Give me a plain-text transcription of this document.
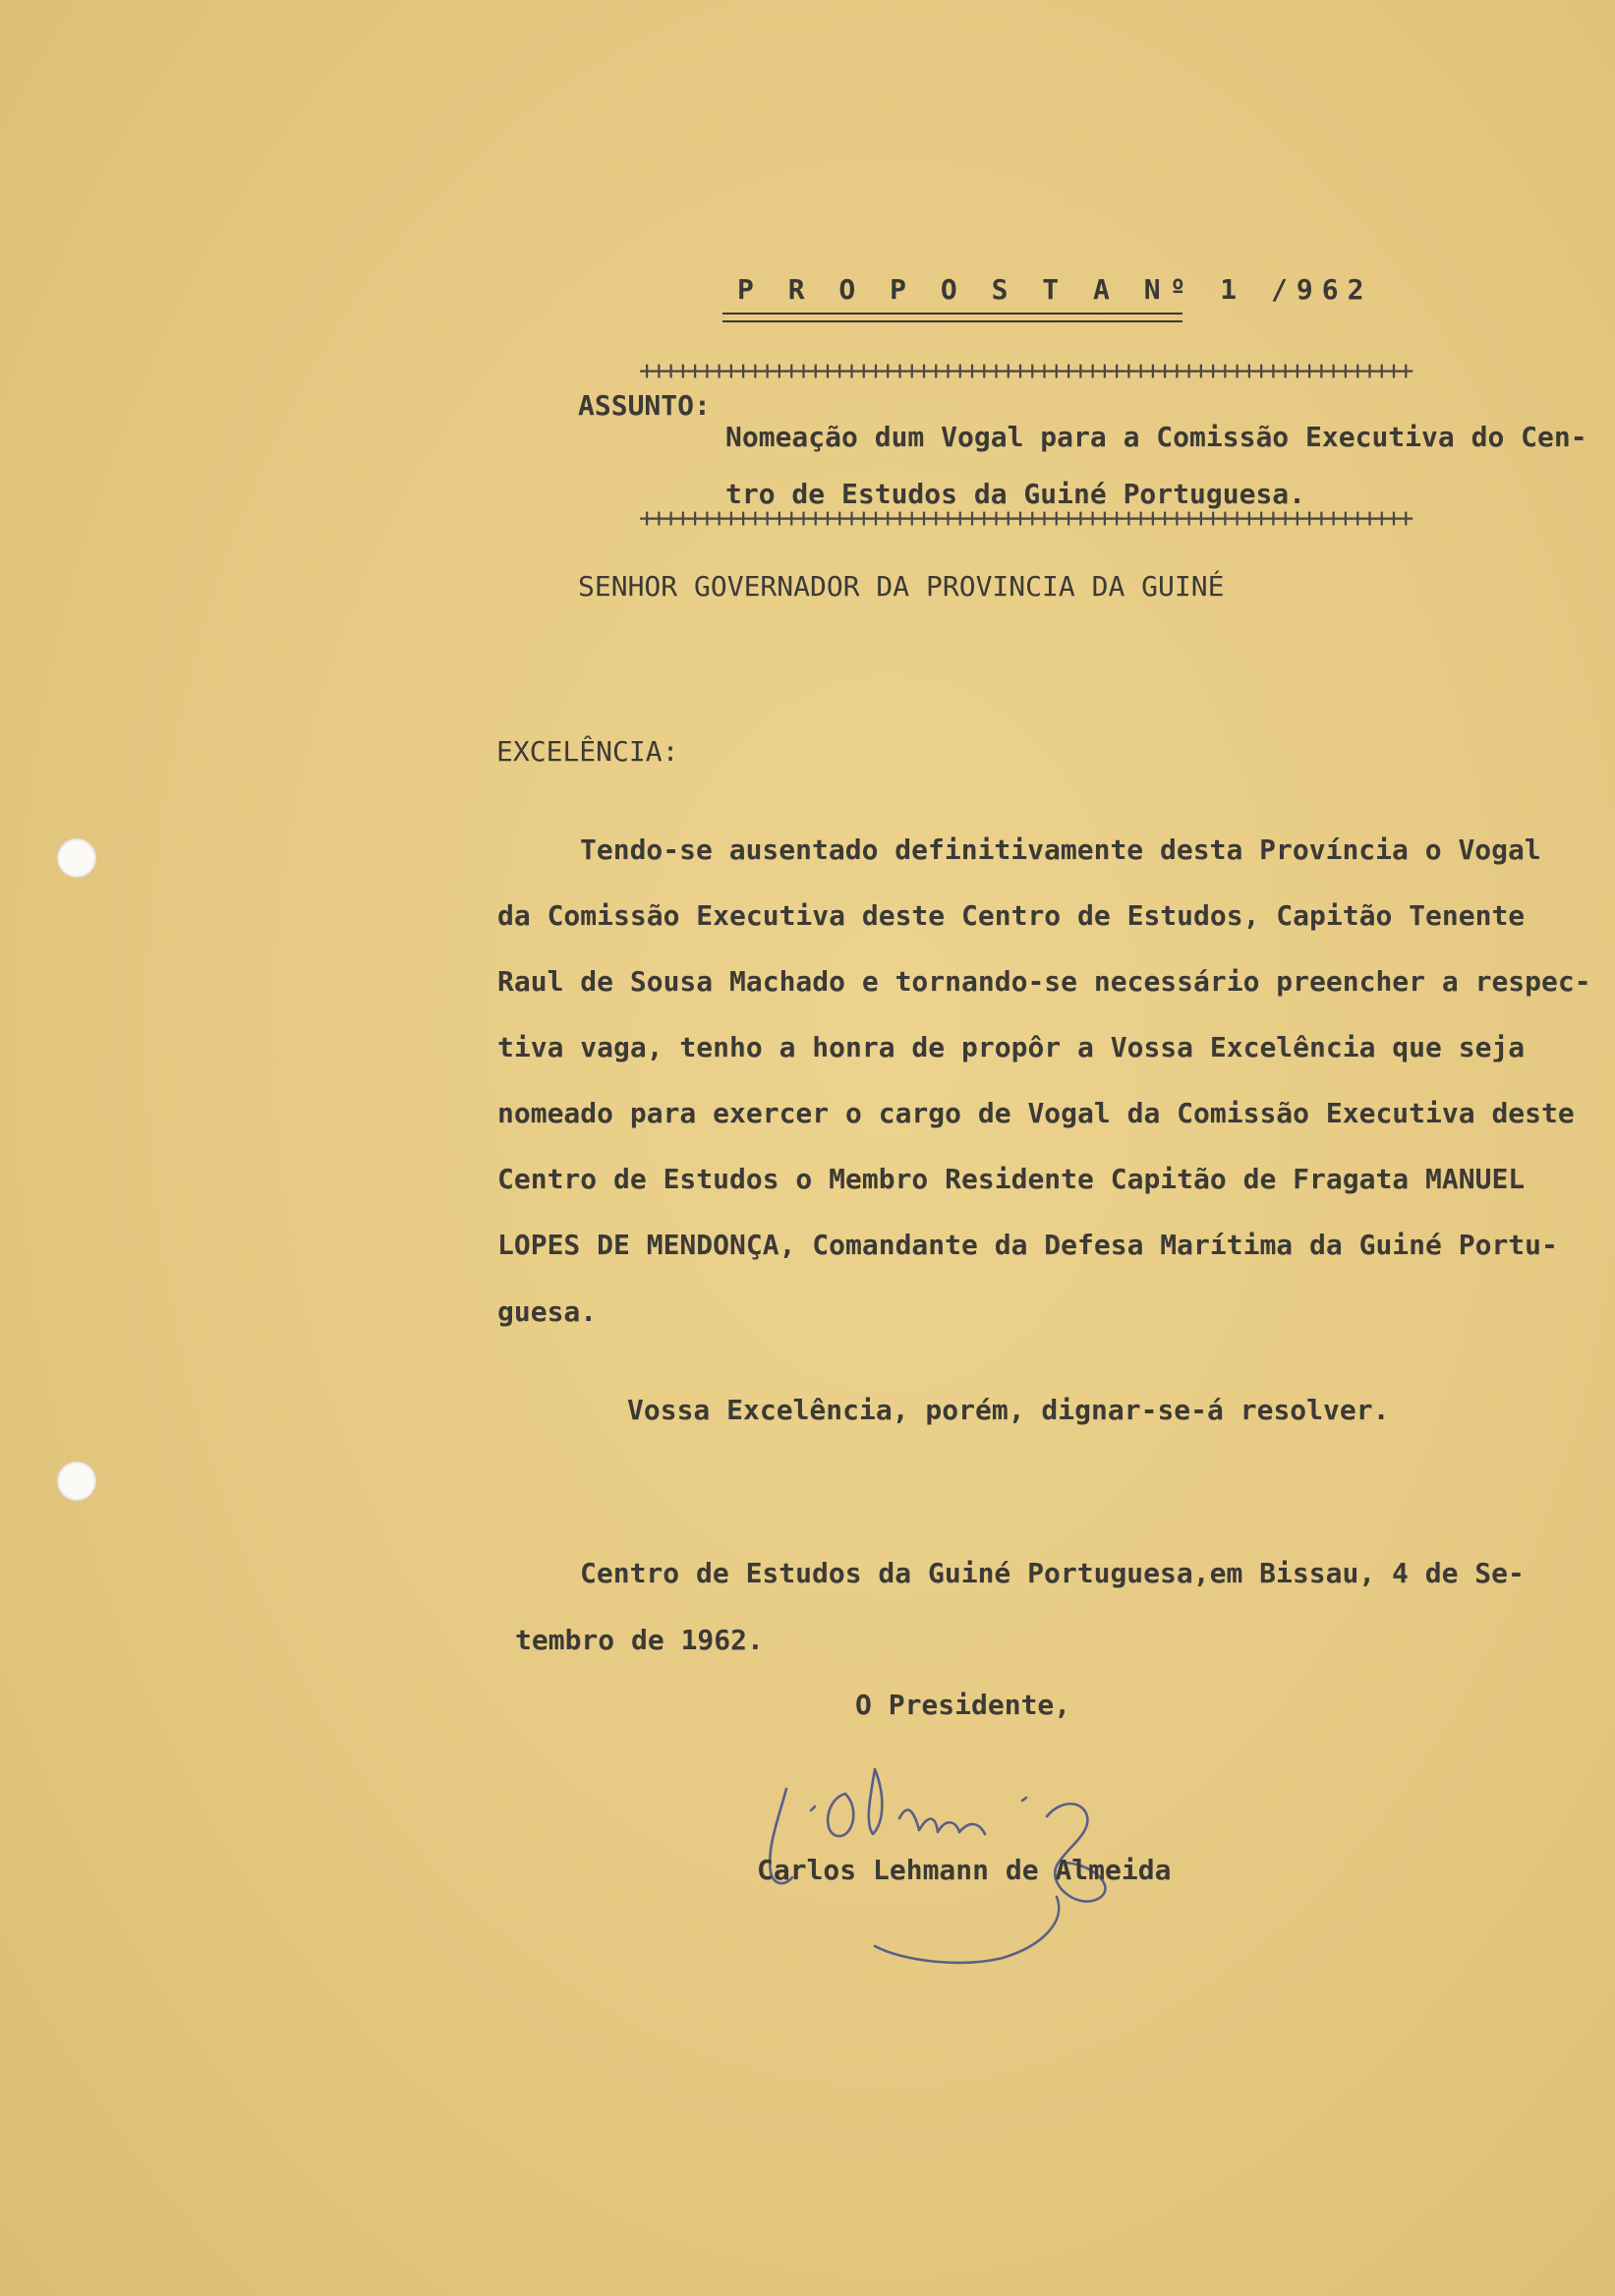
P R O P O S T A Nº 1 /962
++++++++++++++++++++++++++++++++++++++++++++++++++++++++++++++++
ASSUNTO:
Nomeação dum Vogal para a Comissão Executiva do Cen-
tro de Estudos da Guiné Portuguesa.
++++++++++++++++++++++++++++++++++++++++++++++++++++++++++++++++
SENHOR GOVERNADOR DA PROVINCIA DA GUINÉ
EXCELÊNCIA:
Tendo-se ausentado definitivamente desta Província o Vogal
da Comissão Executiva deste Centro de Estudos, Capitão Tenente
Raul de Sousa Machado e tornando-se necessário preencher a respec-
tiva vaga, tenho a honra de propôr a Vossa Excelência que seja
nomeado para exercer o cargo de Vogal da Comissão Executiva deste
Centro de Estudos o Membro Residente Capitão de Fragata MANUEL
LOPES DE MENDONÇA, Comandante da Defesa Marítima da Guiné Portu-
guesa.
Vossa Excelência, porém, dignar-se-á resolver.
Centro de Estudos da Guiné Portuguesa,em Bissau, 4 de Se-
tembro de 1962.
O Presidente,
Carlos Lehmann de Almeida
